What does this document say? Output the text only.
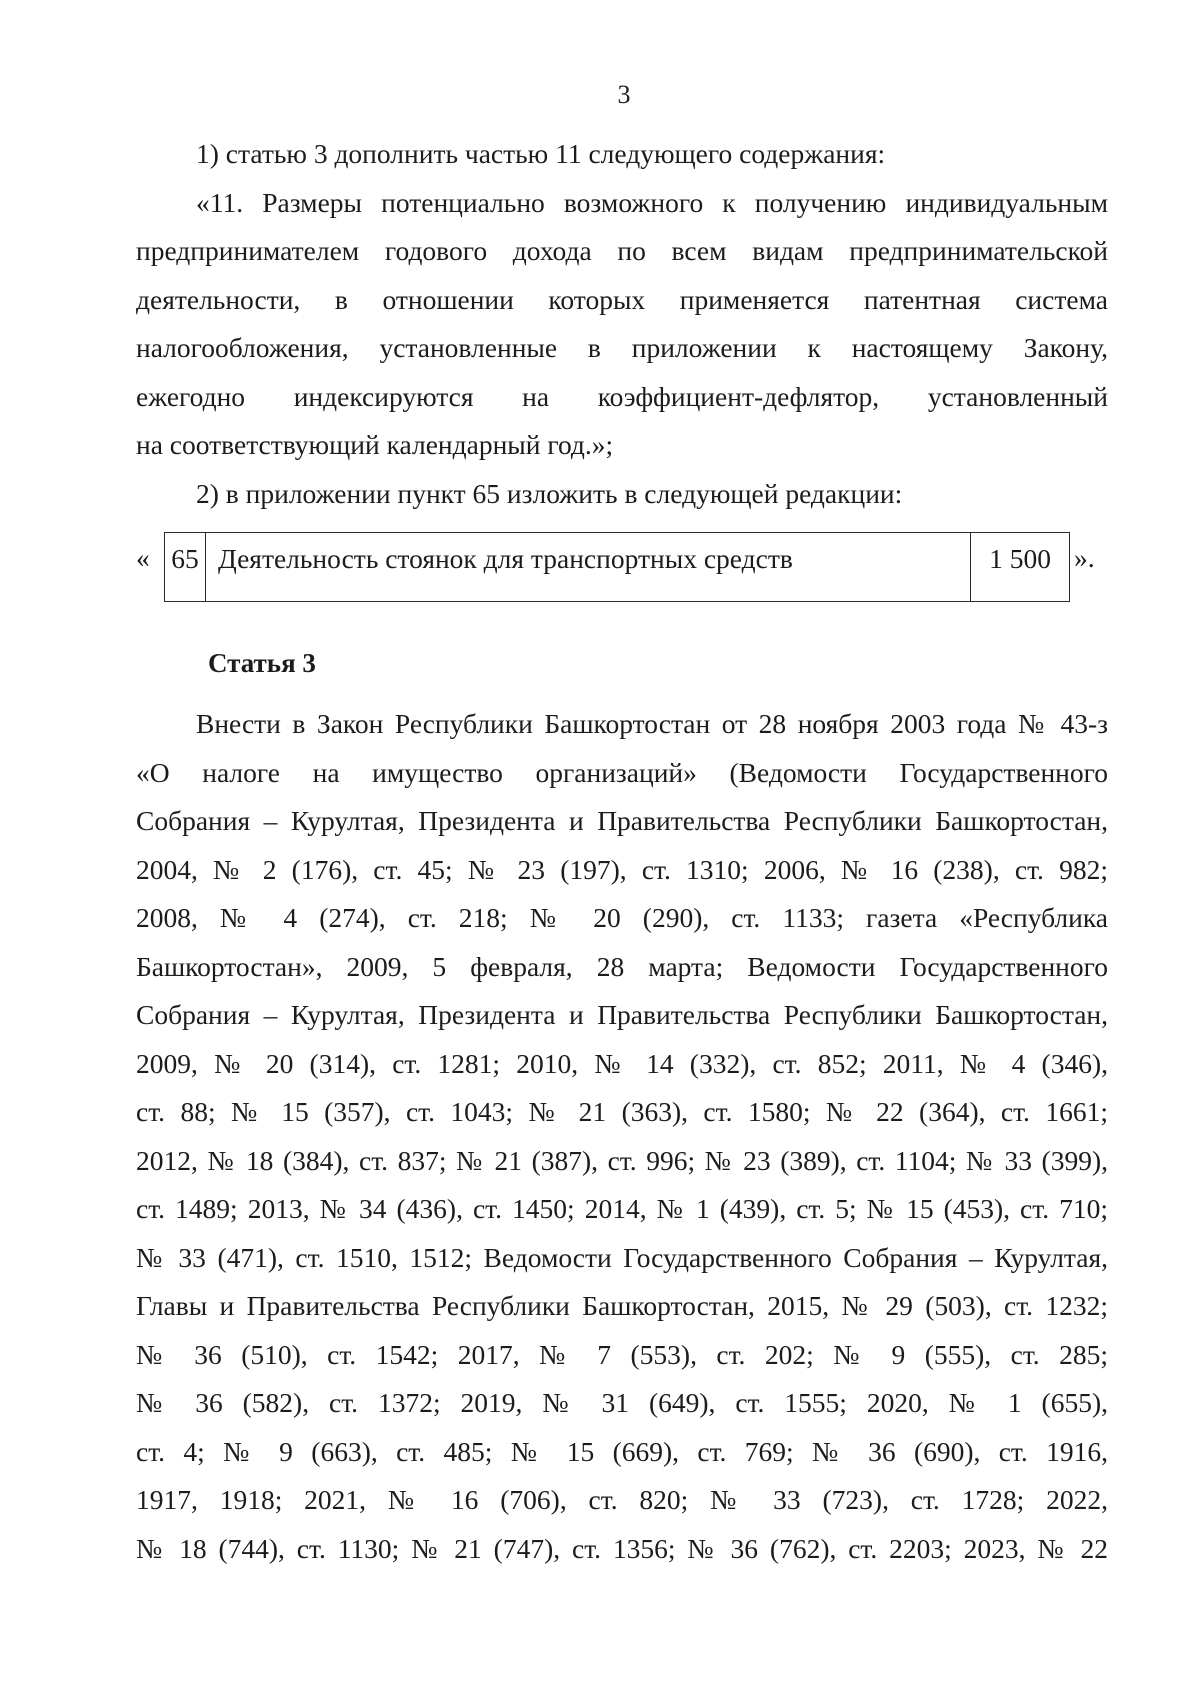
3

1) статью 3 дополнить частью 11 следующего содержания:

«11. Размеры потенциально возможного к получению индивидуальным

предпринимателем годового дохода по всем видам предпринимательской

деятельности, в отношении которых применяется патентная система

налогообложения, установленные в приложении к настоящему Закону,

ежегодно индексируются на коэффициент-дефлятор, установленный

на соответствующий календарный год.»;

2) в приложении пункт 65 изложить в следующей редакции:

« 65 Деятельность стоянок для транспортных средств	1 500 ».
Статья 3

Внести в Закон Республики Башкортостан от 28 ноября 2003 года № 43-з

«О налоге на имущество организаций» (Ведомости Государственного

Собрания – Курултая, Президента и Правительства Республики Башкортостан,

2004, № 2 (176), ст. 45; № 23 (197), ст. 1310; 2006, № 16 (238), ст. 982;

2008, № 4 (274), ст. 218; № 20 (290), ст. 1133; газета «Республика

Башкортостан», 2009, 5 февраля, 28 марта; Ведомости Государственного

Собрания – Курултая, Президента и Правительства Республики Башкортостан,

2009, № 20 (314), ст. 1281; 2010, № 14 (332), ст. 852; 2011, № 4 (346),

ст. 88; № 15 (357), ст. 1043; № 21 (363), ст. 1580; № 22 (364), ст. 1661;

2012, № 18 (384), ст. 837; № 21 (387), ст. 996; № 23 (389), ст. 1104; № 33 (399),

ст. 1489; 2013, № 34 (436), ст. 1450; 2014, № 1 (439), ст. 5; № 15 (453), ст. 710;

№ 33 (471), ст. 1510, 1512; Ведомости Государственного Собрания – Курултая,

Главы и Правительства Республики Башкортостан, 2015, № 29 (503), ст. 1232;

№ 36 (510), ст. 1542; 2017, № 7 (553), ст. 202; № 9 (555), ст. 285;

№ 36 (582), ст. 1372; 2019, № 31 (649), ст. 1555; 2020, № 1 (655),

ст. 4; № 9 (663), ст. 485; № 15 (669), ст. 769; № 36 (690), ст. 1916,

1917, 1918; 2021, № 16 (706), ст. 820; № 33 (723), ст. 1728; 2022,

№ 18 (744), ст. 1130; № 21 (747), ст. 1356; № 36 (762), ст. 2203; 2023, № 22
